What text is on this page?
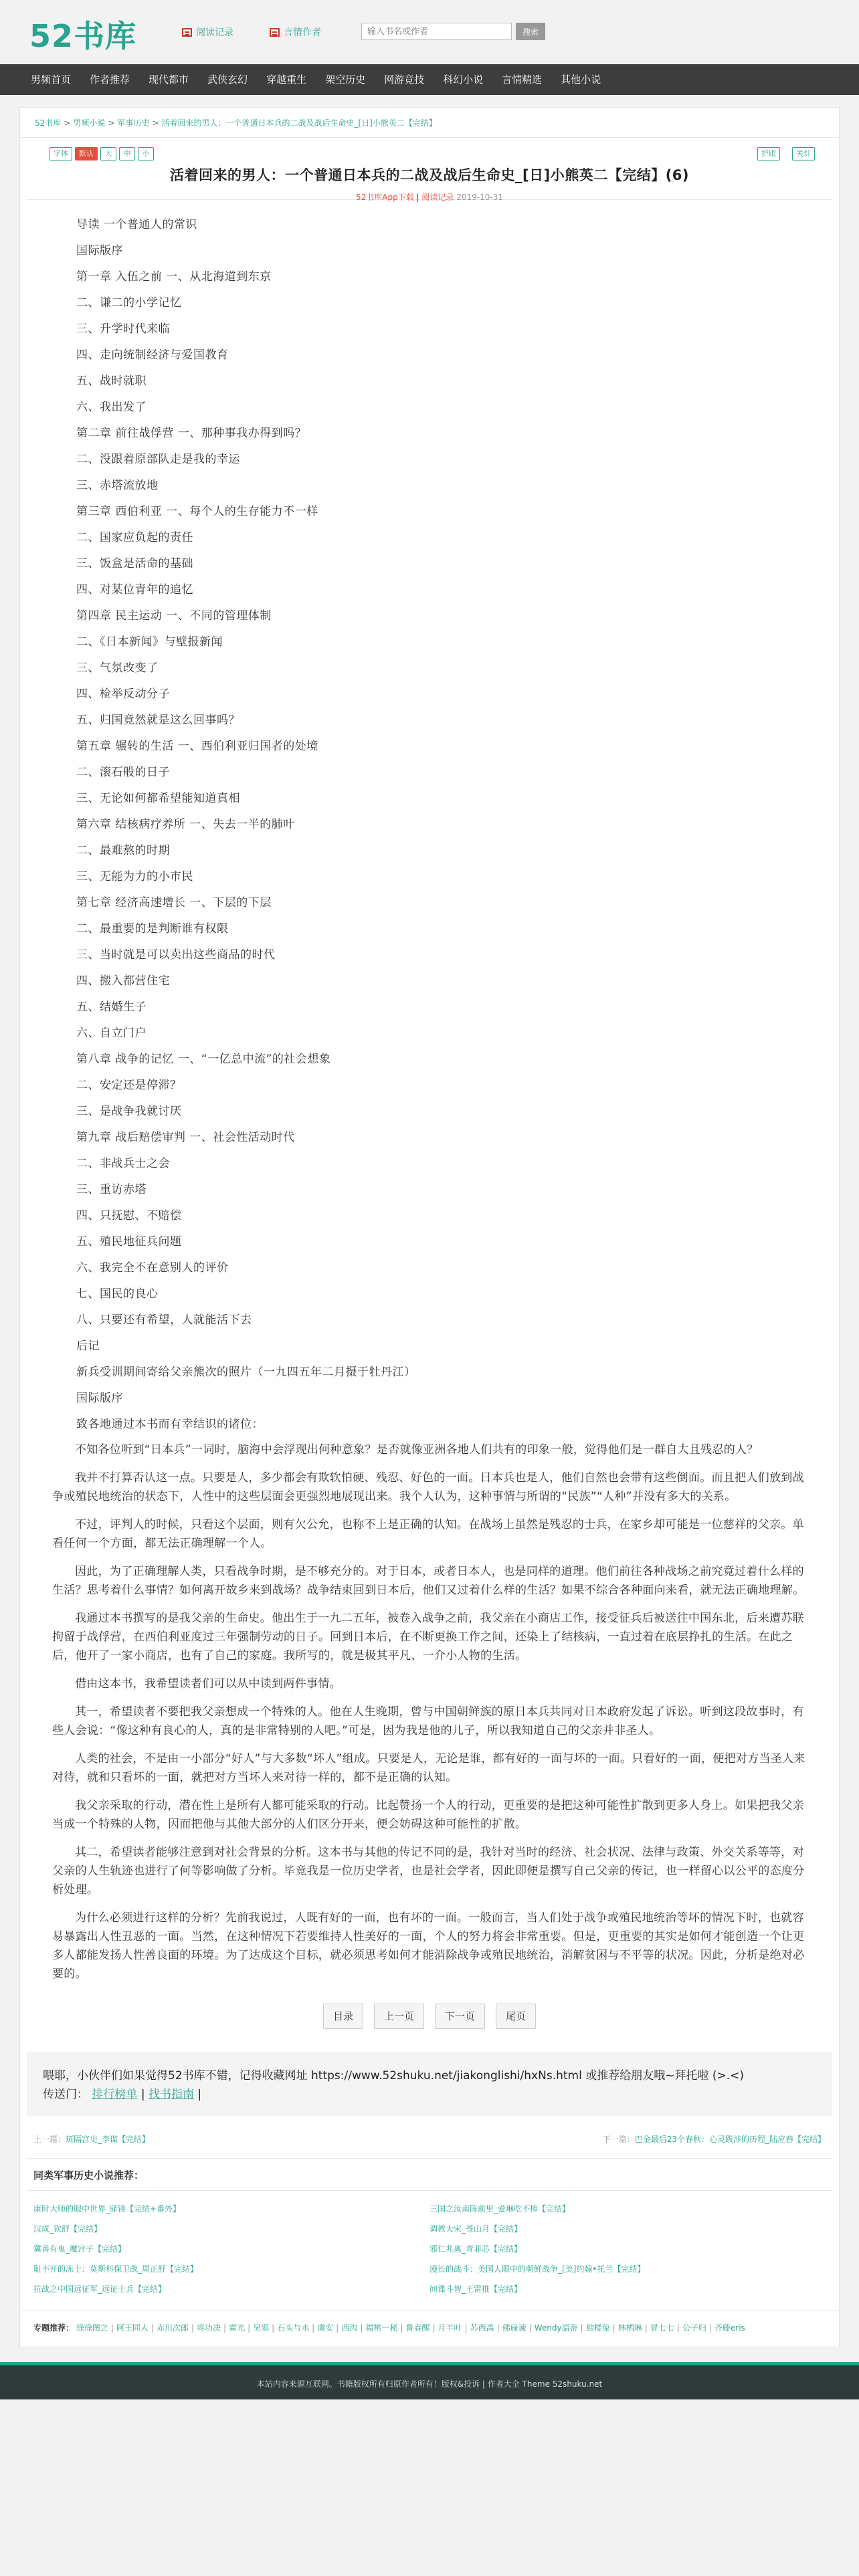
52书库	阅读记录	言情作者
输入书名或作者	搜索
男频首页	作者推荐	现代都市	武侠玄幻	穿越重生	架空历史	网游竞技	科幻小说	言情精选	其他小说
52书库 > 男频小说 > 军事历史 > 活着回来的男人：一个普通日本兵的二战及战后生命史_[日]小熊英二【完结】
字体	默认	大	中	小	护眼	关灯
活着回来的男人：一个普通日本兵的二战及战后生命史_[日]小熊英二【完结】(6)
52书库App下载 | 阅读记录 2019-10-31
导读 一个普通人的常识
国际版序
第一章 入伍之前 一、从北海道到东京
二、谦二的小学记忆
三、升学时代来临
四、走向统制经济与爱国教育
五、战时就职
六、我出发了
第二章 前往战俘营 一、那种事我办得到吗？
二、没跟着原部队走是我的幸运
三、赤塔流放地
第三章 西伯利亚 一、每个人的生存能力不一样
二、国家应负起的责任
三、饭盒是活命的基础
四、对某位青年的追忆
第四章 民主运动 一、不同的管理体制
二、《日本新闻》与壁报新闻
三、气氛改变了
四、检举反动分子
五、归国竟然就是这么回事吗？
第五章 辗转的生活 一、西伯利亚归国者的处境
二、滚石般的日子
三、无论如何都希望能知道真相
第六章 结核病疗养所 一、失去一半的肺叶
二、最难熬的时期
三、无能为力的小市民
第七章 经济高速增长 一、下层的下层
二、最重要的是判断谁有权限
三、当时就是可以卖出这些商品的时代
四、搬入都营住宅
五、结婚生子
六、自立门户
第八章 战争的记忆 一、“一亿总中流”的社会想象
二、安定还是停滞？
三、是战争我就讨厌
第九章 战后赔偿审判 一、社会性活动时代
二、非战兵士之会
三、重访赤塔
四、只抚慰、不赔偿
五、殖民地征兵问题
六、我完全不在意别人的评价
七、国民的良心
八、只要还有希望，人就能活下去
后记
新兵受训期间寄给父亲熊次的照片（一九四五年二月摄于牡丹江）
国际版序
致各地通过本书而有幸结识的诸位：

不知各位听到“日本兵”一词时，脑海中会浮现出何种意象？是否就像亚洲各地人们共有的印象一般，觉得他们是一群自大且残忍的人？

我并不打算否认这一点。只要是人，多少都会有欺软怕硬、残忍、好色的一面。日本兵也是人，他们自然也会带有这些倒面。而且把人们放到战争或殖民地统治的状态下，人性中的这些层面会更强烈地展现出来。我个人认为，这种事情与所谓的“民族”“人种”并没有多大的关系。

不过，评判人的时候，只看这个层面，则有欠公允，也称不上是正确的认知。在战场上虽然是残忍的士兵，在家乡却可能是一位慈祥的父亲。单看任何一个方面，都无法正确理解一个人。

因此，为了正确理解人类，只看战争时期，是不够充分的。对于日本，或者日本人，也是同样的道理。他们前往各种战场之前究竟过着什么样的生活？思考着什么事情？如何离开故乡来到战场？战争结束回到日本后，他们又过着什么样的生活？如果不综合各种面向来看，就无法正确地理解。

我通过本书撰写的是我父亲的生命史。他出生于一九二五年，被卷入战争之前，我父亲在小商店工作，接受征兵后被送往中国东北，后来遭苏联拘留于战俘营，在西伯利亚度过三年强制劳动的日子。回到日本后，在不断更换工作之间，还染上了结核病，一直过着在底层挣扎的生活。在此之后，他开了一家小商店，也有了自己的家庭。我所写的，就是极其平凡、一介小人物的生活。

借由这本书，我希望读者们可以从中读到两件事情。

其一，希望读者不要把我父亲想成一个特殊的人。他在人生晚期，曾与中国朝鲜族的原日本兵共同对日本政府发起了诉讼。听到这段故事时，有些人会说：“像这种有良心的人，真的是非常特别的人吧。”可是，因为我是他的儿子，所以我知道自己的父亲并非圣人。

人类的社会，不是由一小部分“好人”与大多数“坏人”组成。只要是人，无论是谁，都有好的一面与坏的一面。只看好的一面，便把对方当圣人来对待，就和只看坏的一面，就把对方当坏人来对待一样的，都不是正确的认知。

我父亲采取的行动，潜在性上是所有人都可能采取的行动。比起赞扬一个人的行动，更重要的是把这种可能性扩散到更多人身上。如果把我父亲当成一个特殊的人物，因而把他与其他大部分的人们区分开来，便会妨碍这种可能性的扩散。

其二，希望读者能够注意到对社会背景的分析。这本书与其他的传记不同的是，我针对当时的经济、社会状况、法律与政策、外交关系等等，对父亲的人生轨迹也进行了何等影响做了分析。毕竟我是一位历史学者，也是社会学者，因此即便是撰写自己父亲的传记，也一样留心以公平的态度分析处理。

为什么必须进行这样的分析？先前我说过，人既有好的一面，也有坏的一面。一般而言，当人们处于战争或殖民地统治等坏的情况下时，也就容易暴露出人性丑恶的一面。当然，在这种情况下若要维持人性美好的一面，个人的努力将会非常重要。但是，更重要的其实是如何才能创造一个让更多人都能发扬人性善良面的环境。为了达成这个目标，就必须思考如何才能消除战争或殖民地统治，消解贫困与不平等的状况。因此，分析是绝对必要的。

目录	上一页	下一页	尾页
喂耶，小伙伴们如果觉得52书库不错，记得收藏网址 https://www.52shuku.net/jiakonglishi/hxNs.html 或推荐给朋友哦~拜托啦 (>.<)
传送门： 排行榜单 | 找书指南 |
上一篇：斑隔宫史_李谋【完结】	下一篇：巴金最后23个春秋：心灵跋涉的历程_陆应春【完结】
同类军事历史小说推荐：
康时大师的服中世界_驿锋【完结+番外】	三国之汝南阵前里_爱琳吃不棒【完结】
汉成_钦舒【完结】	调教大宋_苍山月【完结】
冀善有鬼_魔宫子【完结】	邪仁兆离_青菲芯【完结】
耻不开的冻士：莫斯科保卫战_周正舒【完结】	漫长的战斗：美国人眼中的朝鲜战争_[美]约翰•托兰【完结】
抗战之中国远征军_远征士兵【完结】	间谍斗智_王雷推【完结】
专题推荐： 徐徐图之 | 阿王同人 | 赤川次郎 | 将功决 | 霍光 | 吴邪 | 石头与水 | 虞安 | 西沟 | 福桃一秘 | 鲁春醒 | 月半叶 | 苏西禹 | 佛扁谏 | Wendy温蒂 | 独楼兔 | 林栖琳 | 冒七七 | 公子归 | 齐藤eris
本站内容来源互联网。书籍版权所有归原作者所有！版权&投诉 | 作者大全 Theme 52shuku.net
